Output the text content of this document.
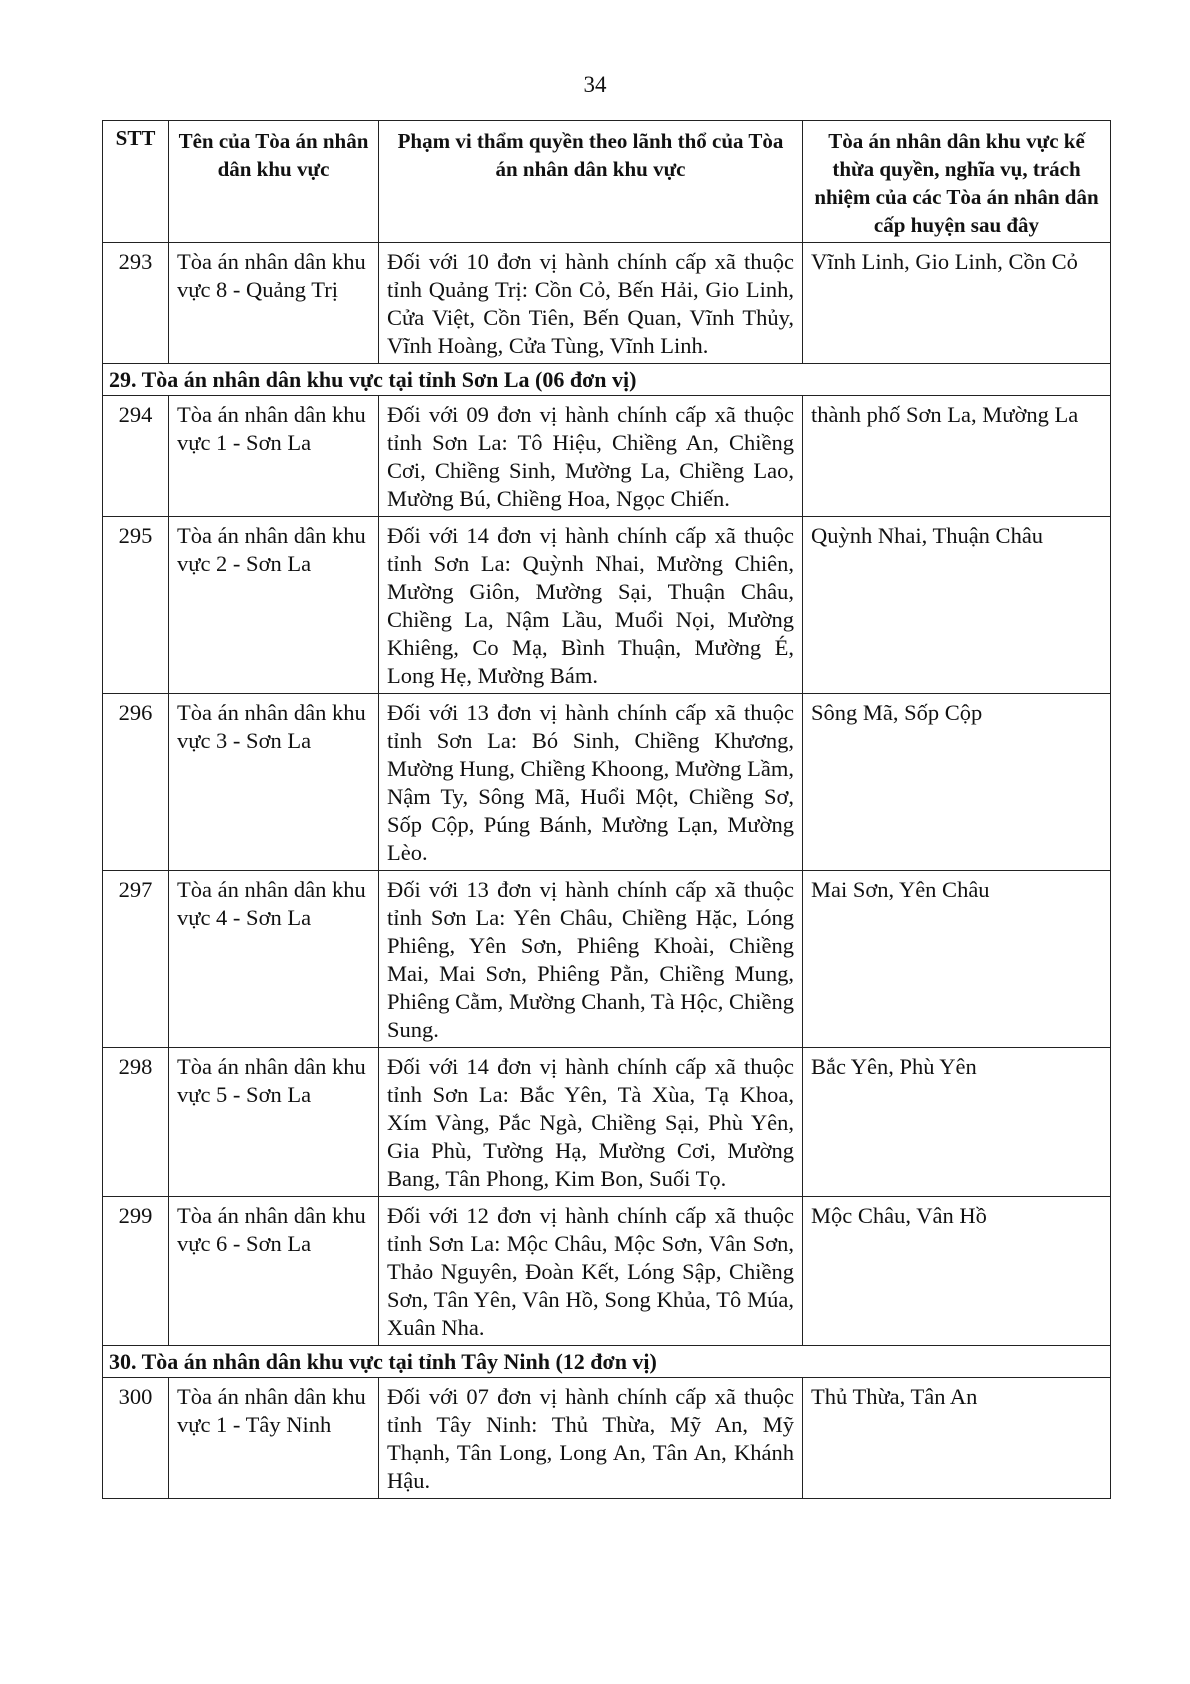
34
STT	Tên của Tòa án nhân dân khu vực	Phạm vi thẩm quyền theo lãnh thổ của Tòa án nhân dân khu vực	Tòa án nhân dân khu vực kế thừa quyền, nghĩa vụ, trách nhiệm của các Tòa án nhân dân cấp huyện sau đây
293	Tòa án nhân dân khu vực 8 - Quảng Trị	Đối với 10 đơn vị hành chính cấp xã thuộc tỉnh Quảng Trị: Cồn Cỏ, Bến Hải, Gio Linh, Cửa Việt, Cồn Tiên, Bến Quan, Vĩnh Thủy, Vĩnh Hoàng, Cửa Tùng, Vĩnh Linh.	Vĩnh Linh, Gio Linh, Cồn Cỏ
29. Tòa án nhân dân khu vực tại tỉnh Sơn La (06 đơn vị)			
294	Tòa án nhân dân khu vực 1 - Sơn La	Đối với 09 đơn vị hành chính cấp xã thuộc tỉnh Sơn La: Tô Hiệu, Chiềng An, Chiềng Cơi, Chiềng Sinh, Mường La, Chiềng Lao, Mường Bú, Chiềng Hoa, Ngọc Chiến.	thành phố Sơn La, Mường La
295	Tòa án nhân dân khu vực 2 - Sơn La	Đối với 14 đơn vị hành chính cấp xã thuộc tỉnh Sơn La: Quỳnh Nhai, Mường Chiên, Mường Giôn, Mường Sại, Thuận Châu, Chiềng La, Nậm Lầu, Muổi Nọi, Mường Khiêng, Co Mạ, Bình Thuận, Mường É, Long Hẹ, Mường Bám.	Quỳnh Nhai, Thuận Châu
296	Tòa án nhân dân khu vực 3 - Sơn La	Đối với 13 đơn vị hành chính cấp xã thuộc tỉnh Sơn La: Bó Sinh, Chiềng Khương, Mường Hung, Chiềng Khoong, Mường Lầm, Nậm Ty, Sông Mã, Huổi Một, Chiềng Sơ, Sốp Cộp, Púng Bánh, Mường Lạn, Mường Lèo.	Sông Mã, Sốp Cộp
297	Tòa án nhân dân khu vực 4 - Sơn La	Đối với 13 đơn vị hành chính cấp xã thuộc tỉnh Sơn La: Yên Châu, Chiềng Hặc, Lóng Phiêng, Yên Sơn, Phiêng Khoài, Chiềng Mai, Mai Sơn, Phiêng Pằn, Chiềng Mung, Phiêng Cằm, Mường Chanh, Tà Hộc, Chiềng Sung.	Mai Sơn, Yên Châu
298	Tòa án nhân dân khu vực 5 - Sơn La	Đối với 14 đơn vị hành chính cấp xã thuộc tỉnh Sơn La: Bắc Yên, Tà Xùa, Tạ Khoa, Xím Vàng, Pắc Ngà, Chiềng Sại, Phù Yên, Gia Phù, Tường Hạ, Mường Cơi, Mường Bang, Tân Phong, Kim Bon, Suối Tọ.	Bắc Yên, Phù Yên
299	Tòa án nhân dân khu vực 6 - Sơn La	Đối với 12 đơn vị hành chính cấp xã thuộc tỉnh Sơn La: Mộc Châu, Mộc Sơn, Vân Sơn, Thảo Nguyên, Đoàn Kết, Lóng Sập, Chiềng Sơn, Tân Yên, Vân Hồ, Song Khủa, Tô Múa, Xuân Nha.	Mộc Châu, Vân Hồ
30. Tòa án nhân dân khu vực tại tỉnh Tây Ninh (12 đơn vị)			
300	Tòa án nhân dân khu vực 1 - Tây Ninh	Đối với 07 đơn vị hành chính cấp xã thuộc tỉnh Tây Ninh: Thủ Thừa, Mỹ An, Mỹ Thạnh, Tân Long, Long An, Tân An, Khánh Hậu.	Thủ Thừa, Tân An
